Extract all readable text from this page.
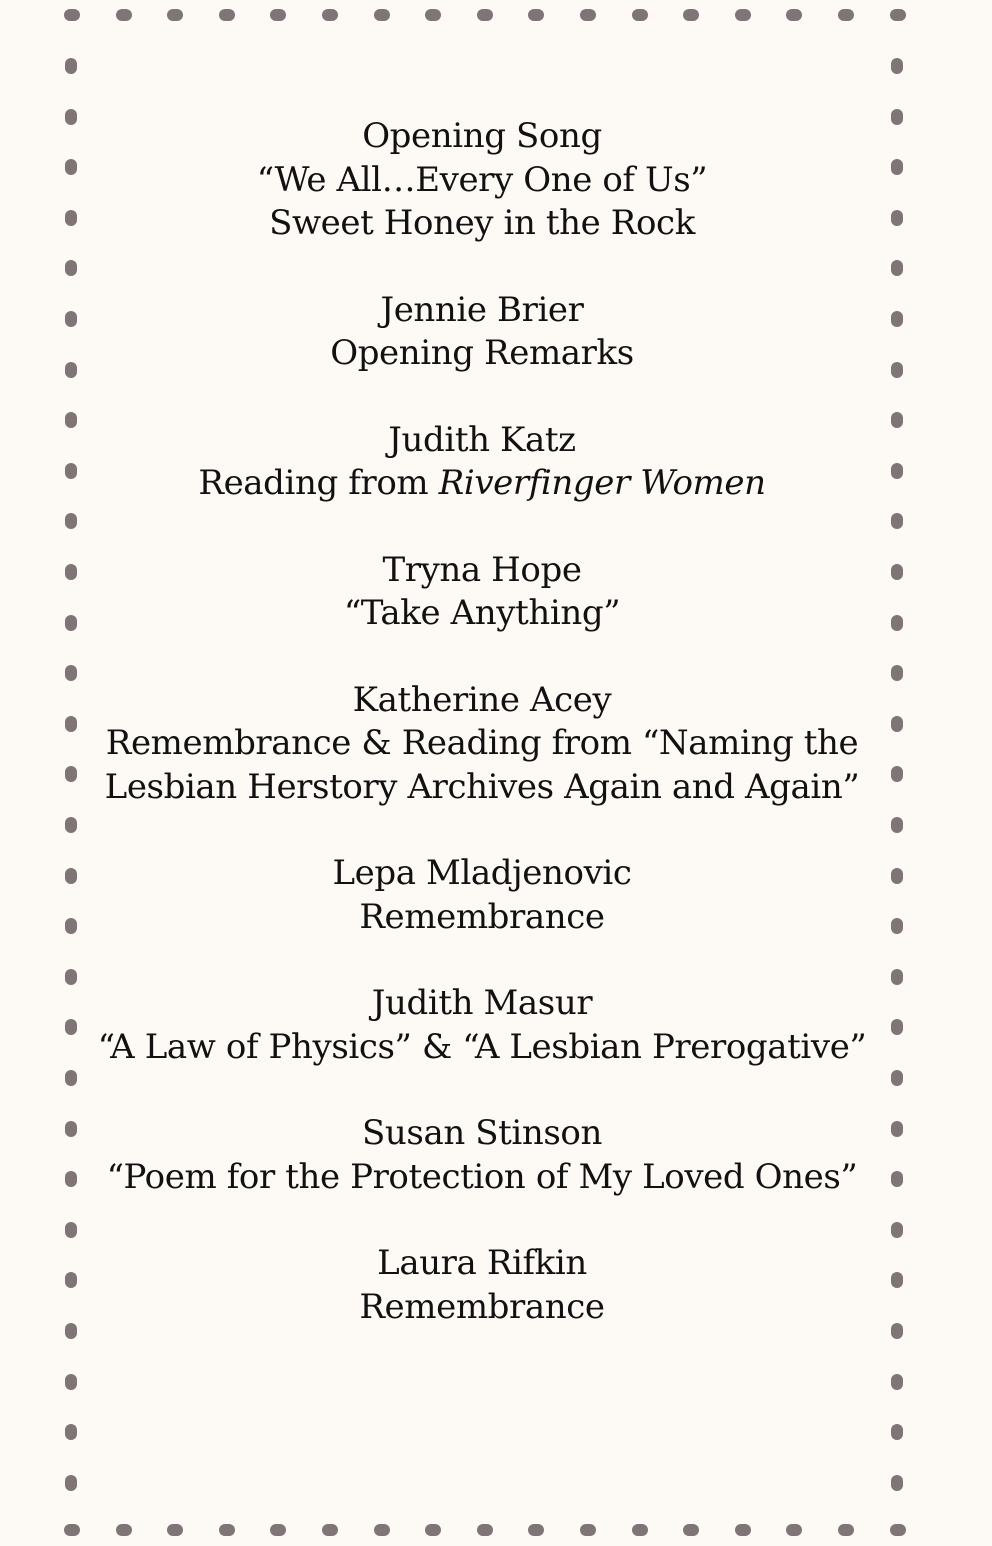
Opening Song
“We All…Every One of Us”
Sweet Honey in the Rock
Jennie Brier
Opening Remarks
Judith Katz
Reading from Riverfinger Women
Tryna Hope
“Take Anything”
Katherine Acey
Remembrance & Reading from “Naming the
Lesbian Herstory Archives Again and Again”
Lepa Mladjenovic
Remembrance
Judith Masur
“A Law of Physics” & “A Lesbian Prerogative”
Susan Stinson
“Poem for the Protection of My Loved Ones”
Laura Rifkin
Remembrance
